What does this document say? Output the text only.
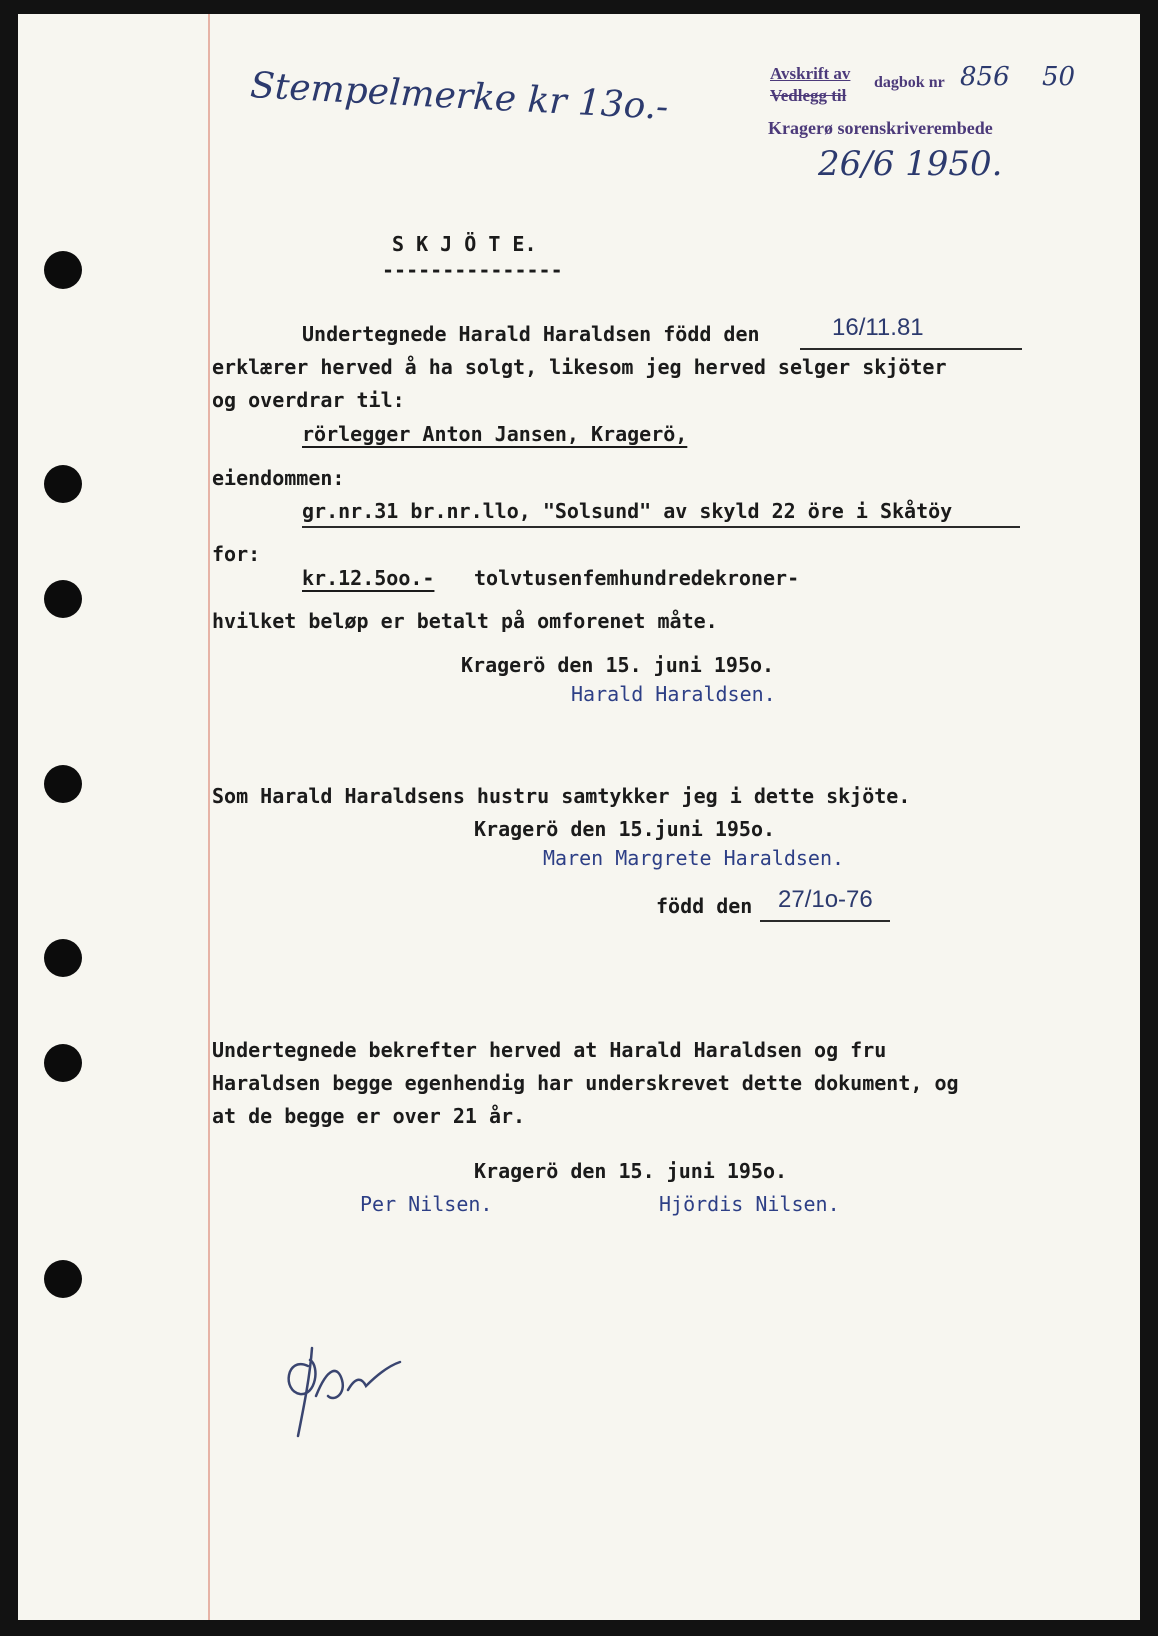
Stempelmerke kr 13o.-	Avskrift av dagbok nr 856 50
Vedlegg til
Kragerø sorenskriverembede
26/6 1950.
S K J Ö T E.
---------------
Undertegnede Harald Haraldsen född den	16/11.81
erklærer herved å ha solgt, likesom jeg herved selger skjöter
og overdrar til:
rörlegger Anton Jansen, Kragerö,
eiendommen:
gr.nr.31 br.nr.llo, "Solsund" av skyld 22 öre i Skåtöy
for:
kr.12.5oo.- tolvtusenfemhundredekroner-
hvilket beløp er betalt på omforenet måte.
Kragerö den 15. juni 195o.
Harald Haraldsen.
Som Harald Haraldsens hustru samtykker jeg i dette skjöte.
Kragerö den 15.juni 195o.
Maren Margrete Haraldsen.
född den 27/1o-76
Undertegnede bekrefter herved at Harald Haraldsen og fru
Haraldsen begge egenhendig har underskrevet dette dokument, og
at de begge er over 21 år.
Kragerö den 15. juni 195o.
Per Nilsen.	Hjördis Nilsen.
